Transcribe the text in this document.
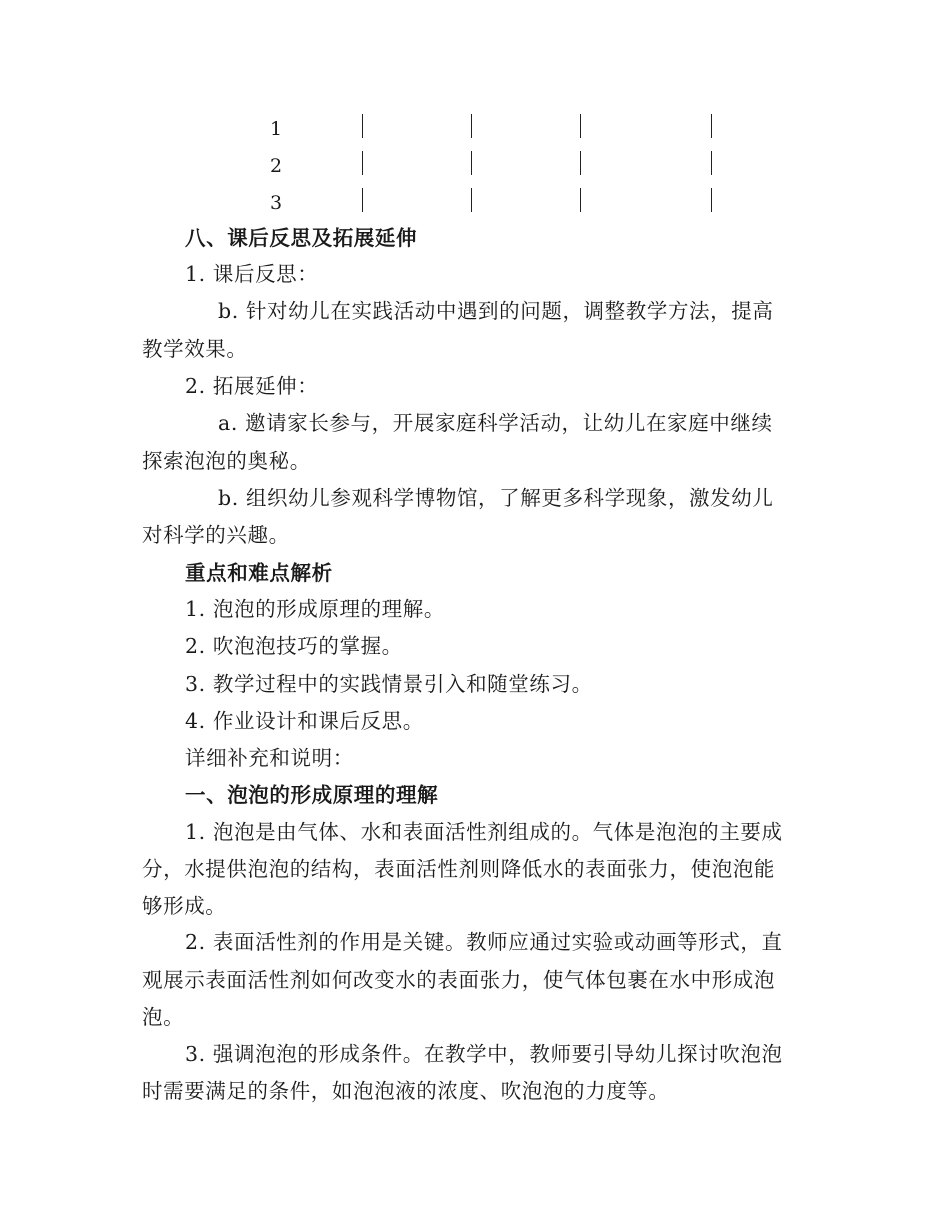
1
2
3
八、课后反思及拓展延伸
1. 课后反思：
b. 针对幼儿在实践活动中遇到的问题，调整教学方法，提高
教学效果。
2. 拓展延伸：
a. 邀请家长参与，开展家庭科学活动，让幼儿在家庭中继续
探索泡泡的奥秘。
b. 组织幼儿参观科学博物馆，了解更多科学现象，激发幼儿
对科学的兴趣。
重点和难点解析
1. 泡泡的形成原理的理解。
2. 吹泡泡技巧的掌握。
3. 教学过程中的实践情景引入和随堂练习。
4. 作业设计和课后反思。
详细补充和说明：
一、泡泡的形成原理的理解
1. 泡泡是由气体、水和表面活性剂组成的。气体是泡泡的主要成
分，水提供泡泡的结构，表面活性剂则降低水的表面张力，使泡泡能
够形成。
2. 表面活性剂的作用是关键。教师应通过实验或动画等形式，直
观展示表面活性剂如何改变水的表面张力，使气体包裹在水中形成泡
泡。
3. 强调泡泡的形成条件。在教学中，教师要引导幼儿探讨吹泡泡
时需要满足的条件，如泡泡液的浓度、吹泡泡的力度等。
